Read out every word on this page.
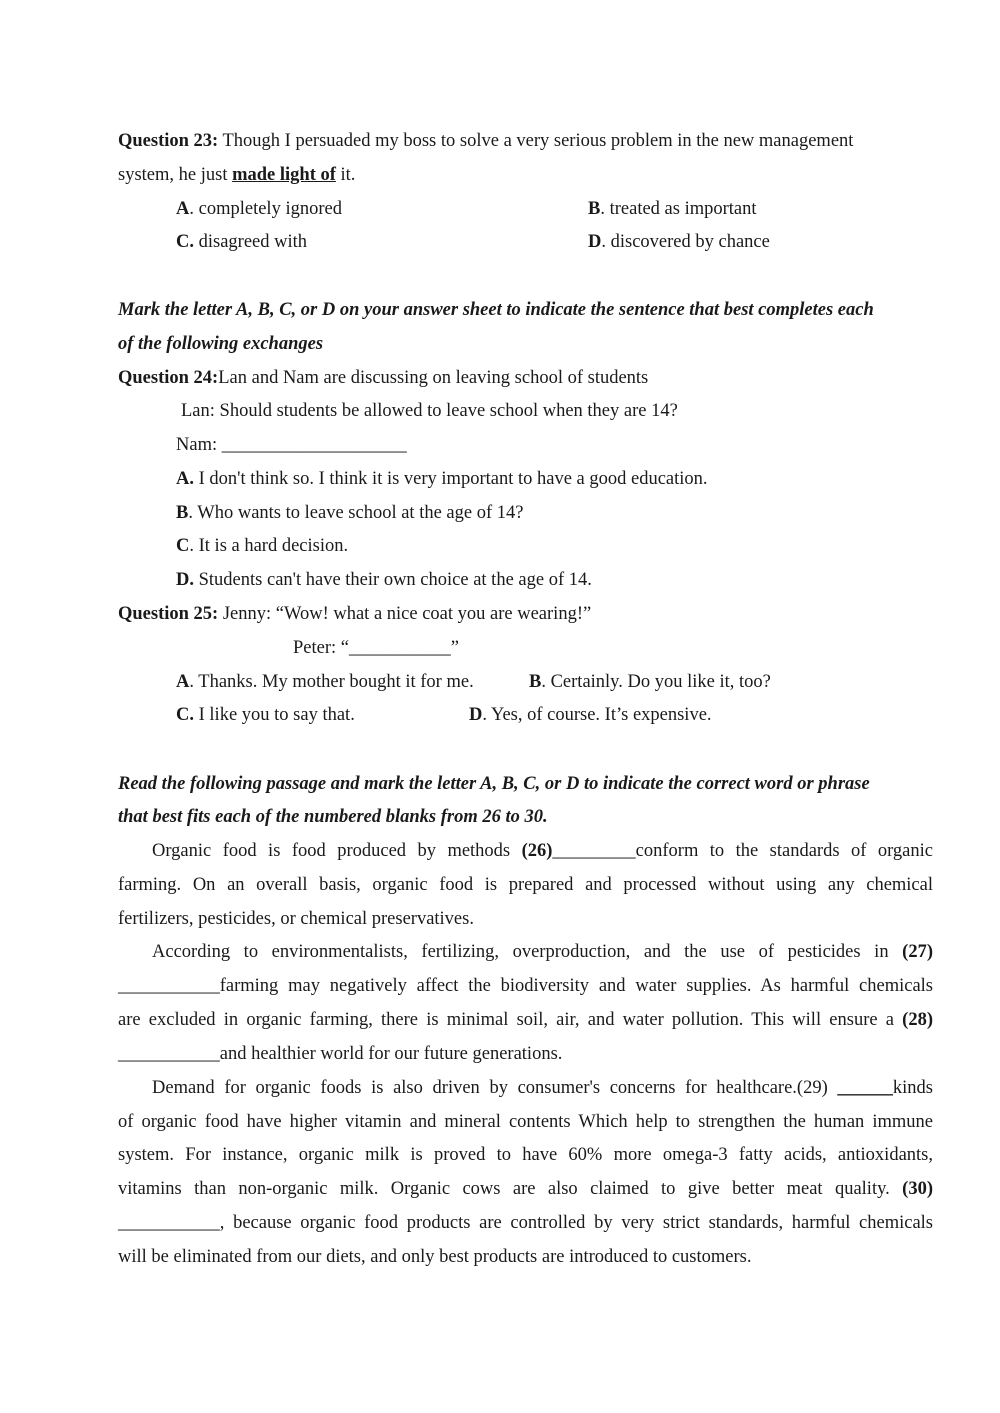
Question 23: Though I persuaded my boss to solve a very serious problem in the new management
system, he just made light of it.
A. completely ignored	B. treated as important
C. disagreed with	D. discovered by chance
Mark the letter A, B, C, or D on your answer sheet to indicate the sentence that best completes each
of the following exchanges
Question 24:Lan and Nam are discussing on leaving school of students
Lan: Should students be allowed to leave school when they are 14?
Nam: ____________________
A. I don't think so. I think it is very important to have a good education.
B. Who wants to leave school at the age of 14?
C. It is a hard decision.
D. Students can't have their own choice at the age of 14.
Question 25: Jenny: “Wow! what a nice coat you are wearing!”
Peter: “___________”
A. Thanks. My mother bought it for me.	B. Certainly. Do you like it, too?
C. I like you to say that.	D. Yes, of course. It’s expensive.
Read the following passage and mark the letter A, B, C, or D to indicate the correct word or phrase
that best fits each of the numbered blanks from 26 to 30.
Organic food is food produced by methods (26)_________conform to the standards of organic
farming. On an overall basis, organic food is prepared and processed without using any chemical
fertilizers, pesticides, or chemical preservatives.
According to environmentalists, fertilizing, overproduction, and the use of pesticides in (27)
___________farming may negatively affect the biodiversity and water supplies. As harmful chemicals
are excluded in organic farming, there is minimal soil, air, and water pollution. This will ensure a (28)
___________and healthier world for our future generations.
Demand for organic foods is also driven by consumer's concerns for healthcare.(29) ______kinds
of organic food have higher vitamin and mineral contents Which help to strengthen the human immune
system. For instance, organic milk is proved to have 60% more omega-3 fatty acids, antioxidants,
vitamins than non-organic milk. Organic cows are also claimed to give better meat quality. (30)
___________, because organic food products are controlled by very strict standards, harmful chemicals
will be eliminated from our diets, and only best products are introduced to customers.
